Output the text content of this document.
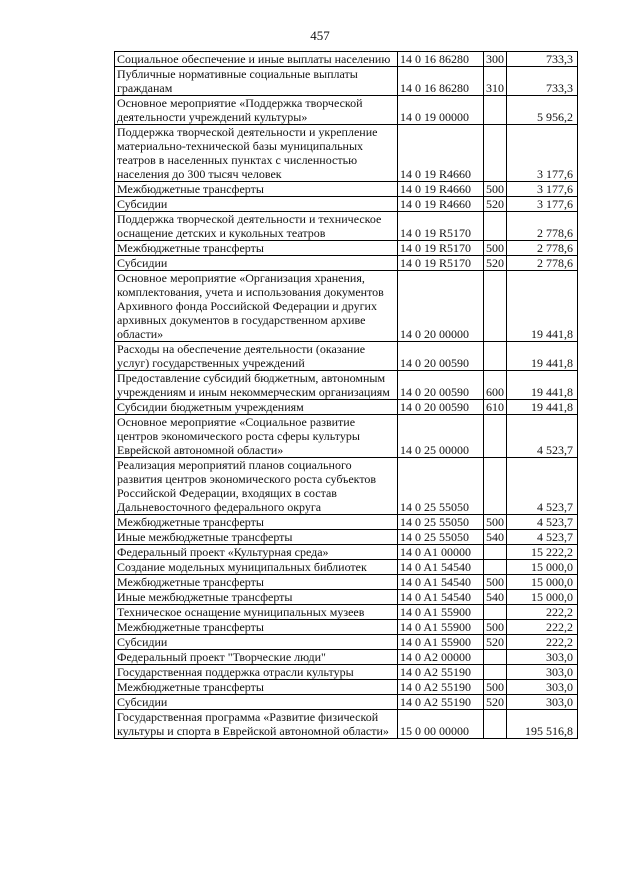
457
Социальное обеспечение и иные выплаты населению	14 0 16 86280	300	733,3
Публичные нормативные социальные выплаты гражданам	14 0 16 86280	310	733,3
Основное мероприятие «Поддержка творческой деятельности учреждений культуры»	14 0 19 00000		5 956,2
Поддержка творческой деятельности и укрепление материально-технической базы муниципальных театров в населенных пунктах с численностью населения до 300 тысяч человек	14 0 19 R4660		3 177,6
Межбюджетные трансферты	14 0 19 R4660	500	3 177,6
Субсидии	14 0 19 R4660	520	3 177,6
Поддержка творческой деятельности и техническое оснащение детских и кукольных театров	14 0 19 R5170		2 778,6
Межбюджетные трансферты	14 0 19 R5170	500	2 778,6
Субсидии	14 0 19 R5170	520	2 778,6
Основное мероприятие «Организация хранения, комплектования, учета и использования документов Архивного фонда Российской Федерации и других архивных документов в государственном архиве области»	14 0 20 00000		19 441,8
Расходы на обеспечение деятельности (оказание услуг) государственных учреждений	14 0 20 00590		19 441,8
Предоставление субсидий бюджетным, автономным учреждениям и иным некоммерческим организациям	14 0 20 00590	600	19 441,8
Субсидии бюджетным учреждениям	14 0 20 00590	610	19 441,8
Основное мероприятие «Социальное развитие центров экономического роста сферы культуры Еврейской автономной области»	14 0 25 00000		4 523,7
Реализация мероприятий планов социального развития центров экономического роста субъектов Российской Федерации, входящих в состав Дальневосточного федерального округа	14 0 25 55050		4 523,7
Межбюджетные трансферты	14 0 25 55050	500	4 523,7
Иные межбюджетные трансферты	14 0 25 55050	540	4 523,7
Федеральный проект «Культурная среда»	14 0 A1 00000		15 222,2
Создание модельных муниципальных библиотек	14 0 A1 54540		15 000,0
Межбюджетные трансферты	14 0 A1 54540	500	15 000,0
Иные межбюджетные трансферты	14 0 A1 54540	540	15 000,0
Техническое оснащение муниципальных музеев	14 0 A1 55900		222,2
Межбюджетные трансферты	14 0 A1 55900	500	222,2
Субсидии	14 0 A1 55900	520	222,2
Федеральный проект "Творческие люди"	14 0 A2 00000		303,0
Государственная поддержка отрасли культуры	14 0 A2 55190		303,0
Межбюджетные трансферты	14 0 A2 55190	500	303,0
Субсидии	14 0 A2 55190	520	303,0
Государственная программа «Развитие физической культуры и спорта в Еврейской автономной области»	15 0 00 00000		195 516,8
